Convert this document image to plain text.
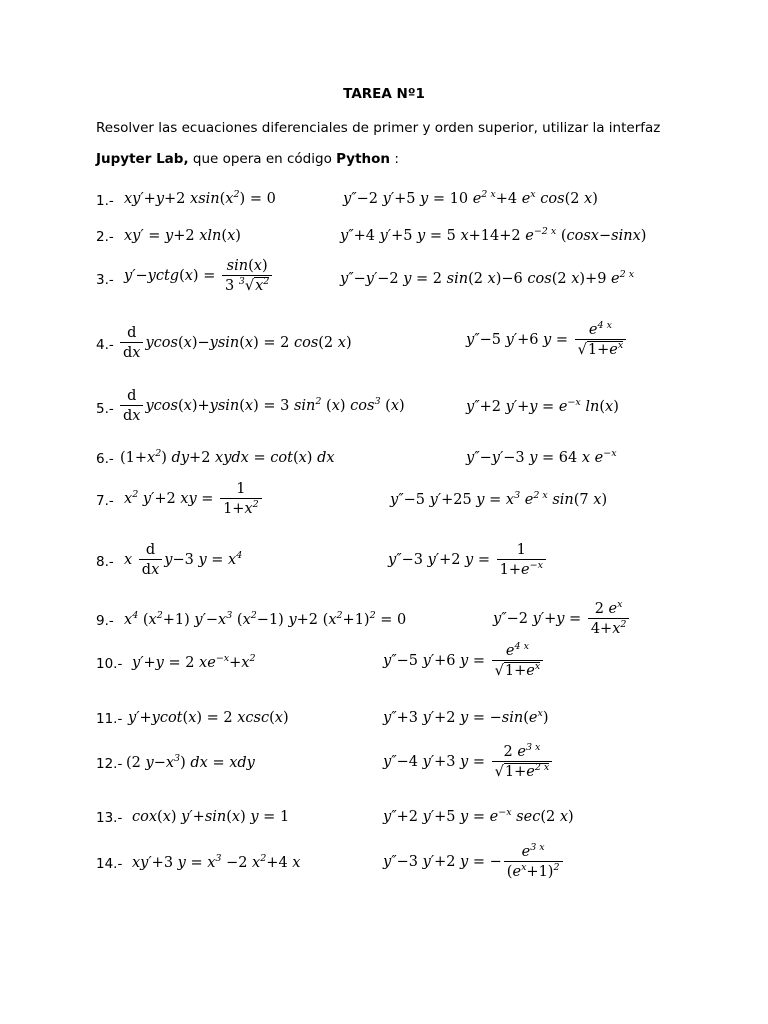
TAREA Nº1
Resolver las ecuaciones diferenciales de primer y orden superior, utilizar la interfaz
Jupyter Lab, que opera en código Python :
1.- xy′+y+2 $xsin(x^2) = 0$	y″−2 y′+5 y = 10 $e^{2 x}+4$ $e^x$ cos(2 x)
2.- xy′ = y+2 xln(x)	y″+4 y′+5 y = 5 x+14+2 $e^{-2 x}$ (cosx−sinx)
3.- y′−yctg(x) = $\frac{\sin(x)}{3 ^3√x^2}$	y″−y′−2 y = 2 sin(2 x)−6 cos(2 x)+9 $e^{2 x}$
$4.- \frac{d}{dx} ycos(x)-ysin(x) = 2$ cos(2 x)	y″−5 y′+6 $y = \frac{e^{4 x}}{√1+e^x}$
$5.- \frac{d}{dx} ycos(x)+ysin(x) = 3$ $\sin^2 (x)$ $\cos^3 (x)$	y″+2 $y'+y = e^{-x}$ ln(x)
6.- $(1+x^2)$ dy+2 xydx = cot(x) dx	y″−y′−3 y = 64 x $e^{-x}$
7.- $x^2$ y′+2 xy = $\frac{1}{1+x^2}$	y″−5 y′+25 $y = x^3$ $e^{2 x}$ sin(7 x)
8.- x $\frac{d}{dx} y-3$ $y = x^4$	y″−3 y′+2 $y = \frac{1}{1+e^{-x}}$
9.- $x^4$ $(x^2+1)$ $y'-x^3$ $(x^2-1)$ y+2 $(x^2+1)^2 = 0$	y″−2 $y'+y = \frac{2 e^x}{4+x^2}$
10.- y′+y = 2 $xe^{-x}+x^2$	y″−5 y′+6 $y = \frac{e^{4 x}}{√1+e^x}$
11.- y′+ycot(x) = 2 xcsc(x)	y″+3 y′+2 $y = -\sin(e^x)$
12.- (2 $y-x^3$) dx = xdy	y″−4 y′+3 $y = \frac{2 e^{3 x}}{√1+e^{2 x}}$
13.- cox(x) y′+sin(x) y = 1	y″+2 y′+5 $y = e^{-x}$ sec(2 x)
14.- xy′+3 $y = x^3 -2$ $x^2+4$ x	y″−3 y′+2 y = − $\frac{e^{3 x}}{(e^x+1)^2}$
